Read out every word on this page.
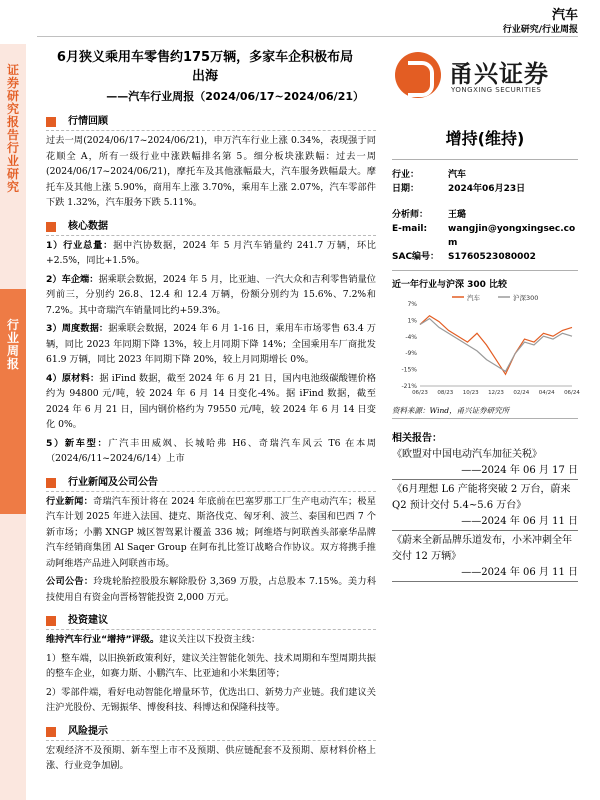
汽车
行业研究/行业周报
证券研究报告 行业研究
行业周报
6月狭义乘用车零售约175万辆，多家车企积极布局
出海
——汽车行业周报（2024/06/17~2024/06/21）
甬兴证券
YONGXING SECURITIES
行情回顾
过去一周(2024/06/17~2024/06/21)，申万汽车行业上涨 0.34%，表现强于同花顺全 A，所有一级行业中涨跌幅排名第 5。细分板块涨跌幅：过去一周(2024/06/17~2024/06/21)，摩托车及其他涨幅最大，汽车服务跌幅最大。摩托车及其他上涨 5.90%，商用车上涨 3.70%，乘用车上涨 2.07%，汽车零部件下跌 1.32%，汽车服务下跌 5.11%。
核心数据
1）行业总量：据中汽协数据，2024 年 5 月汽车销量约 241.7 万辆，环比+2.5%，同比+1.5%。
2）车企端：据乘联会数据，2024 年 5 月，比亚迪、一汽大众和吉利零售销量位列前三，分别约 26.8、12.4 和 12.4 万辆，份额分别约为 15.6%、7.2%和 7.2%。其中奇瑞汽车销量同比约+59.3%。
3）周度数据：据乘联会数据，2024 年 6 月 1-16 日，乘用车市场零售 63.4 万辆，同比 2023 年同期下降 13%，较上月同期下降 14%；全国乘用车厂商批发 61.9 万辆，同比 2023 年同期下降 20%，较上月同期增长 0%。
4）原材料：据 iFind 数据，截至 2024 年 6 月 21 日，国内电池级碳酸锂价格约为 94800 元/吨，较 2024 年 6 月 14 日变化-4%。据 iFind 数据，截至 2024 年 6 月 21 日，国内钢价格约为 79550 元/吨，较 2024 年 6 月 14 日变化 0%。
5）新车型：广汽丰田威飒、长城哈弗 H6、奇瑞汽车风云 T6 在本周（2024/6/11~2024/6/14）上市
行业新闻及公司公告
行业新闻：奇瑞汽车预计将在 2024 年底前在巴塞罗那工厂生产电动汽车；极星汽车计划 2025 年进入法国、捷克、斯洛伐克、匈牙利、波兰、泰国和巴西 7 个新市场；小鹏 XNGP 城区智驾累计覆盖 336 城；阿维塔与阿联酋头部豪华品牌汽车经销商集团 Al Saqer Group 在阿布扎比签订战略合作协议。双方将携手推动阿维塔产品进入阿联酋市场。
公司公告：玲珑轮胎控股股东解除股份 3,369 万股，占总股本 7.15%。美力科技使用自有资金向晋杨智能投资 2,000 万元。
投资建议
维持汽车行业“增持”评级。建议关注以下投资主线：
1）整车端，以旧换新政策利好，建议关注智能化领先、技术周期和车型周期共振的整车企业，如赛力斯、小鹏汽车、比亚迪和小米集团等；
2）零部件端，看好电动智能化增量环节，优选出口、新势力产业链。我们建议关注沪光股份、无锡振华、博俊科技、科博达和保隆科技等。
风险提示
宏观经济不及预期、新车型上市不及预期、供应链配套不及预期、原材料价格上涨、行业竞争加剧。
增持(维持)
行业：	汽车
日期：	2024年06月23日
分析师：	王璐
E-mail:	wangjin@yongxingsec.com
SAC编号： S1760523080002
近一年行业与沪深 300 比较
汽车	沪深300
7%
1%
-4%
-9%
-15%
-21%
06/23 08/23 10/23 12/23 02/24 04/24 06/24
资料来源：Wind，甬兴证券研究所
相关报告：
《欧盟对中国电动汽车加征关税》
——2024 年 06 月 17 日
《6月理想 L6 产能将突破 2 万台，蔚来 Q2 预计交付 5.4~5.6 万台》
——2024 年 06 月 11 日
《蔚来全新品牌乐道发布，小米冲刺全年交付 12 万辆》
——2024 年 06 月 11 日
